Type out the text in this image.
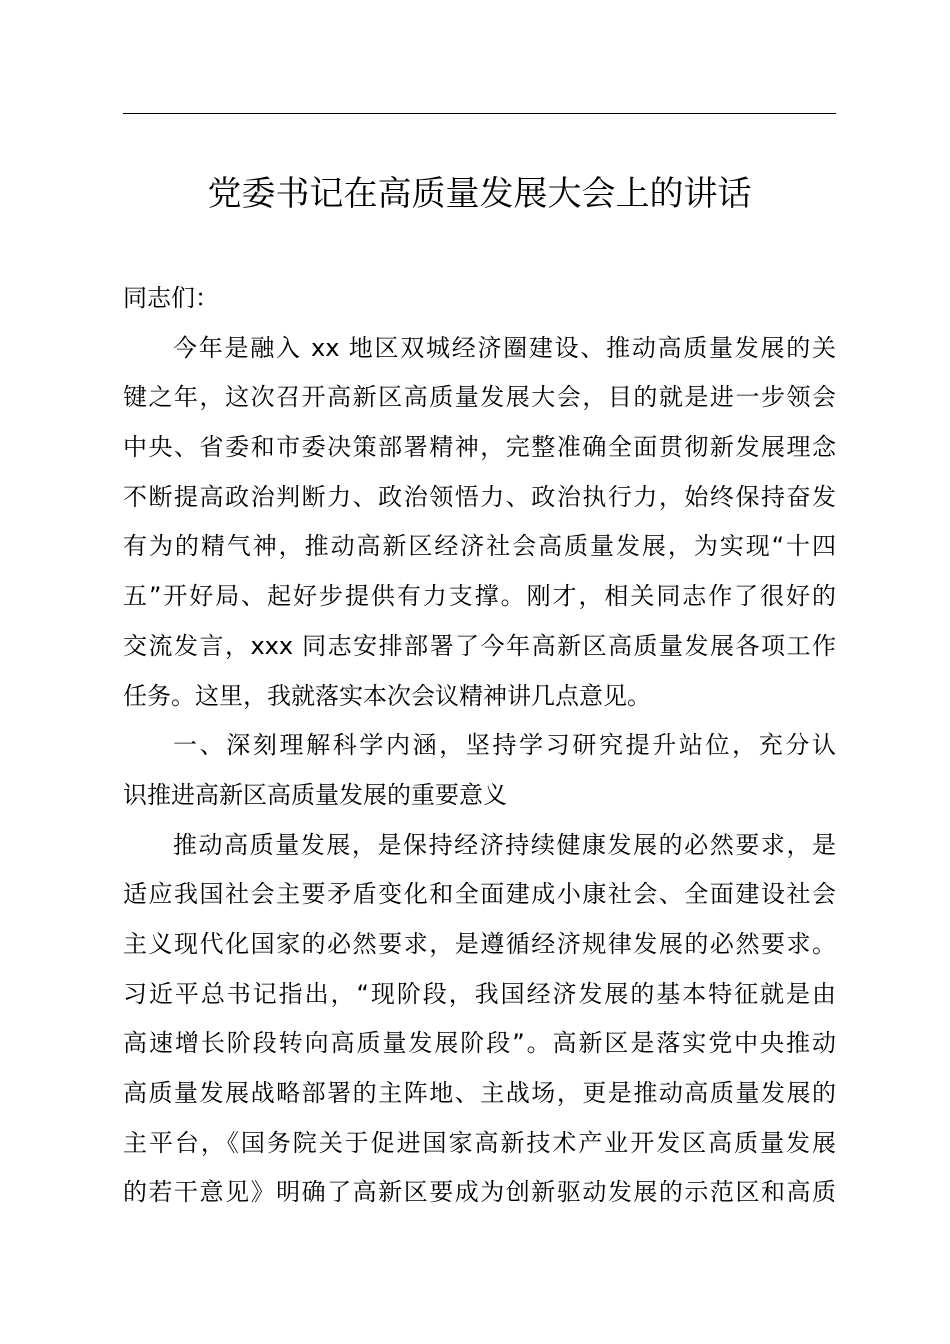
党委书记在高质量发展大会上的讲话
同志们：
今年是融入 xx 地区双城经济圈建设、推动高质量发展的关
键之年，这次召开高新区高质量发展大会，目的就是进一步领会
中央、省委和市委决策部署精神，完整准确全面贯彻新发展理念
不断提高政治判断力、政治领悟力、政治执行力，始终保持奋发
有为的精气神，推动高新区经济社会高质量发展，为实现“十四
五”开好局、起好步提供有力支撑。刚才，相关同志作了很好的
交流发言，xxx 同志安排部署了今年高新区高质量发展各项工作
任务。这里，我就落实本次会议精神讲几点意见。
一、深刻理解科学内涵，坚持学习研究提升站位，充分认
识推进高新区高质量发展的重要意义
推动高质量发展，是保持经济持续健康发展的必然要求，是
适应我国社会主要矛盾变化和全面建成小康社会、全面建设社会
主义现代化国家的必然要求，是遵循经济规律发展的必然要求。
习近平总书记指出，“现阶段，我国经济发展的基本特征就是由
高速增长阶段转向高质量发展阶段”。高新区是落实党中央推动
高质量发展战略部署的主阵地、主战场，更是推动高质量发展的
主平台，《国务院关于促进国家高新技术产业开发区高质量发展
的若干意见》明确了高新区要成为创新驱动发展的示范区和高质
